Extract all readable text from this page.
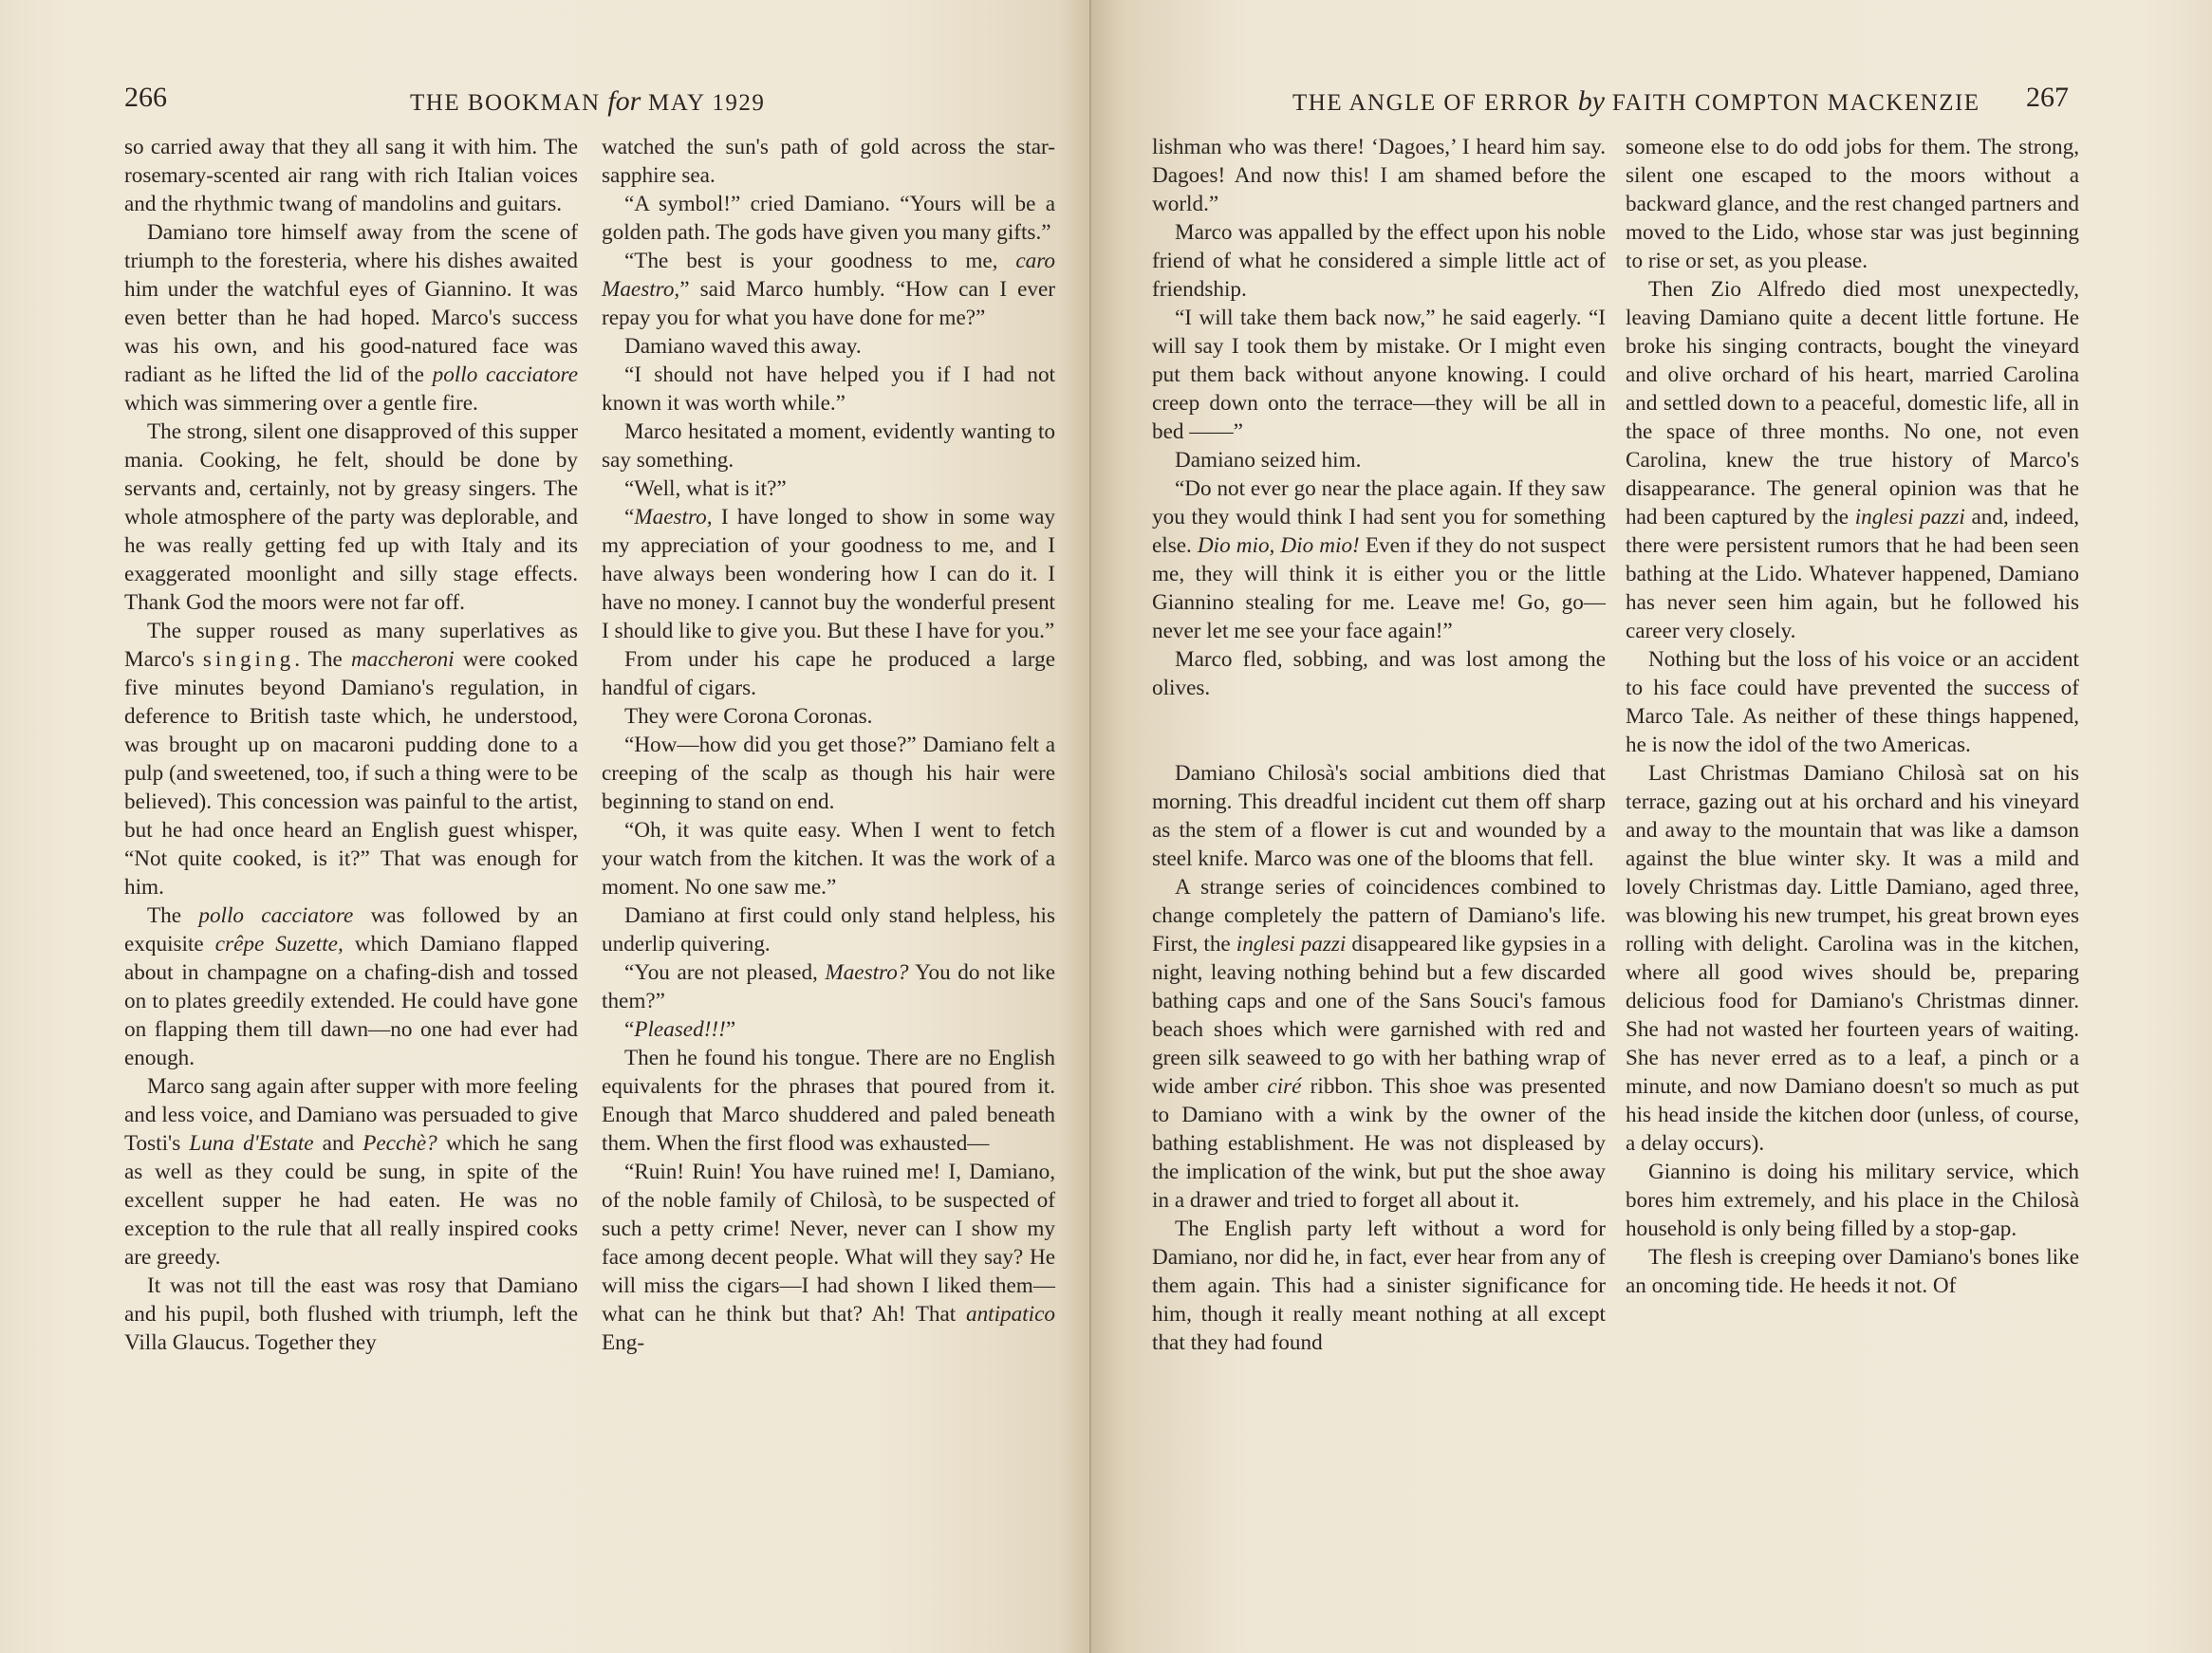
266	THE BOOKMAN for MAY 1929

so carried away that they all sang it with him. The rosemary-scented air rang with rich Italian voices and the rhythmic twang of mandolins and guitars.

Damiano tore himself away from the scene of triumph to the foresteria, where his dishes awaited him under the watchful eyes of Giannino. It was even better than he had hoped. Marco's success was his own, and his good-natured face was radiant as he lifted the lid of the pollo cacciatore which was simmering over a gentle fire.

The strong, silent one disapproved of this supper mania. Cooking, he felt, should be done by servants and, certainly, not by greasy singers. The whole atmosphere of the party was deplorable, and he was really getting fed up with Italy and its exaggerated moonlight and silly stage effects. Thank God the moors were not far off.

The supper roused as many superlatives as Marco's singing. The maccheroni were cooked five minutes beyond Damiano's regulation, in deference to British taste which, he understood, was brought up on macaroni pudding done to a pulp (and sweetened, too, if such a thing were to be believed). This concession was painful to the artist, but he had once heard an English guest whisper, “Not quite cooked, is it?” That was enough for him.

The pollo cacciatore was followed by an exquisite crêpe Suzette, which Damiano flapped about in champagne on a chafing-dish and tossed on to plates greedily extended. He could have gone on flapping them till dawn—no one had ever had enough.

Marco sang again after supper with more feeling and less voice, and Damiano was persuaded to give Tosti's Luna d'Estate and Pecchè? which he sang as well as they could be sung, in spite of the excellent supper he had eaten. He was no exception to the rule that all really inspired cooks are greedy.

It was not till the east was rosy that Damiano and his pupil, both flushed with triumph, left the Villa Glaucus. Together they

watched the sun's path of gold across the star-sapphire sea.

“A symbol!” cried Damiano. “Yours will be a golden path. The gods have given you many gifts.”

“The best is your goodness to me, caro Maestro,” said Marco humbly. “How can I ever repay you for what you have done for me?”

Damiano waved this away.

“I should not have helped you if I had not known it was worth while.”

Marco hesitated a moment, evidently wanting to say something.

“Well, what is it?”

“Maestro, I have longed to show in some way my appreciation of your goodness to me, and I have always been wondering how I can do it. I have no money. I cannot buy the wonderful present I should like to give you. But these I have for you.”

From under his cape he produced a large handful of cigars.

They were Corona Coronas.

“How—how did you get those?” Damiano felt a creeping of the scalp as though his hair were beginning to stand on end.

“Oh, it was quite easy. When I went to fetch your watch from the kitchen. It was the work of a moment. No one saw me.”

Damiano at first could only stand helpless, his underlip quivering.

“You are not pleased, Maestro? You do not like them?”

“Pleased!!!”

Then he found his tongue. There are no English equivalents for the phrases that poured from it. Enough that Marco shuddered and paled beneath them. When the first flood was exhausted—

“Ruin! Ruin! You have ruined me! I, Damiano, of the noble family of Chilosà, to be suspected of such a petty crime! Never, never can I show my face among decent people. What will they say? He will miss the cigars—I had shown I liked them—what can he think but that? Ah! That antipatico Eng-

THE ANGLE OF ERROR by FAITH COMPTON MACKENZIE 267

lishman who was there! ‘Dagoes,’ I heard him say. Dagoes! And now this! I am shamed before the world.”

Marco was appalled by the effect upon his noble friend of what he considered a simple little act of friendship.

“I will take them back now,” he said eagerly. “I will say I took them by mistake. Or I might even put them back without anyone knowing. I could creep down onto the terrace—they will be all in bed ——”

Damiano seized him.

“Do not ever go near the place again. If they saw you they would think I had sent you for something else. Dio mio, Dio mio! Even if they do not suspect me, they will think it is either you or the little Giannino stealing for me. Leave me! Go, go—never let me see your face again!”

Marco fled, sobbing, and was lost among the olives.

Damiano Chilosà's social ambitions died that morning. This dreadful incident cut them off sharp as the stem of a flower is cut and wounded by a steel knife. Marco was one of the blooms that fell.

A strange series of coincidences combined to change completely the pattern of Damiano's life. First, the inglesi pazzi disappeared like gypsies in a night, leaving nothing behind but a few discarded bathing caps and one of the Sans Souci's famous beach shoes which were garnished with red and green silk seaweed to go with her bathing wrap of wide amber ciré ribbon. This shoe was presented to Damiano with a wink by the owner of the bathing establishment. He was not displeased by the implication of the wink, but put the shoe away in a drawer and tried to forget all about it.

The English party left without a word for Damiano, nor did he, in fact, ever hear from any of them again. This had a sinister significance for him, though it really meant nothing at all except that they had found

someone else to do odd jobs for them. The strong, silent one escaped to the moors without a backward glance, and the rest changed partners and moved to the Lido, whose star was just beginning to rise or set, as you please.

Then Zio Alfredo died most unexpectedly, leaving Damiano quite a decent little fortune. He broke his singing contracts, bought the vineyard and olive orchard of his heart, married Carolina and settled down to a peaceful, domestic life, all in the space of three months. No one, not even Carolina, knew the true history of Marco's disappearance. The general opinion was that he had been captured by the inglesi pazzi and, indeed, there were persistent rumors that he had been seen bathing at the Lido. Whatever happened, Damiano has never seen him again, but he followed his career very closely.

Nothing but the loss of his voice or an accident to his face could have prevented the success of Marco Tale. As neither of these things happened, he is now the idol of the two Americas.

Last Christmas Damiano Chilosà sat on his terrace, gazing out at his orchard and his vineyard and away to the mountain that was like a damson against the blue winter sky. It was a mild and lovely Christmas day. Little Damiano, aged three, was blowing his new trumpet, his great brown eyes rolling with delight. Carolina was in the kitchen, where all good wives should be, preparing delicious food for Damiano's Christmas dinner. She had not wasted her fourteen years of waiting. She has never erred as to a leaf, a pinch or a minute, and now Damiano doesn't so much as put his head inside the kitchen door (unless, of course, a delay occurs).

Giannino is doing his military service, which bores him extremely, and his place in the Chilosà household is only being filled by a stop-gap.

The flesh is creeping over Damiano's bones like an oncoming tide. He heeds it not. Of
